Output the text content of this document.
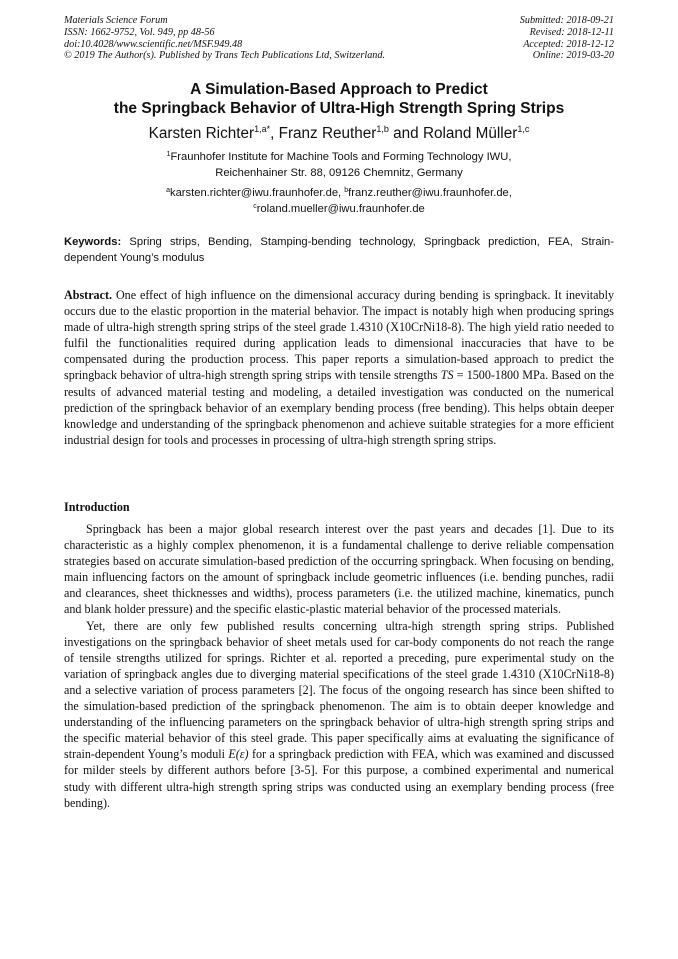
Materials Science Forum
ISSN: 1662-9752, Vol. 949, pp 48-56
doi:10.4028/www.scientific.net/MSF.949.48
© 2019 The Author(s). Published by Trans Tech Publications Ltd, Switzerland.
Submitted: 2018-09-21
Revised: 2018-12-11
Accepted: 2018-12-12
Online: 2019-03-20
A Simulation-Based Approach to Predict
the Springback Behavior of Ultra-High Strength Spring Strips
Karsten Richter$^{1,a*}$, Franz Reuther$^{1,b}$ and Roland Müller$^{1,c}$
$^1$Fraunhofer Institute for Machine Tools and Forming Technology IWU,
Reichenhainer Str. 88, 09126 Chemnitz, Germany
$^a$karsten.richter@iwu.fraunhofer.de, $^b$franz.reuther@iwu.fraunhofer.de,
$^c$roland.mueller@iwu.fraunhofer.de
Keywords: Spring strips, Bending, Stamping-bending technology, Springback prediction, FEA, Strain-dependent Young’s modulus

Abstract. One effect of high influence on the dimensional accuracy during bending is springback. It inevitably occurs due to the elastic proportion in the material behavior. The impact is notably high when producing springs made of ultra-high strength spring strips of the steel grade 1.4310 (X10CrNi18-8). The high yield ratio needed to fulfil the functionalities required during application leads to dimensional inaccuracies that have to be compensated during the production process. This paper reports a simulation-based approach to predict the springback behavior of ultra-high strength spring strips with tensile strengths TS = 1500-1800 MPa. Based on the results of advanced material testing and modeling, a detailed investigation was conducted on the numerical prediction of the springback behavior of an exemplary bending process (free bending). This helps obtain deeper knowledge and understanding of the springback phenomenon and achieve suitable strategies for a more efficient industrial design for tools and processes in processing of ultra-high strength spring strips.

Introduction

Springback has been a major global research interest over the past years and decades [1]. Due to its characteristic as a highly complex phenomenon, it is a fundamental challenge to derive reliable compensation strategies based on accurate simulation-based prediction of the occurring springback. When focusing on bending, main influencing factors on the amount of springback include geometric influences (i.e. bending punches, radii and clearances, sheet thicknesses and widths), process parameters (i.e. the utilized machine, kinematics, punch and blank holder pressure) and the specific elastic-plastic material behavior of the processed materials.

Yet, there are only few published results concerning ultra-high strength spring strips. Published investigations on the springback behavior of sheet metals used for car-body components do not reach the range of tensile strengths utilized for springs. Richter et al. reported a preceding, pure experimental study on the variation of springback angles due to diverging material specifications of the steel grade 1.4310 (X10CrNi18-8) and a selective variation of process parameters [2]. The focus of the ongoing research has since been shifted to the simulation-based prediction of the springback phenomenon. The aim is to obtain deeper knowledge and understanding of the influencing parameters on the springback behavior of ultra-high strength spring strips and the specific material behavior of this steel grade. This paper specifically aims at evaluating the significance of strain-dependent Young’s moduli E(ε) for a springback prediction with FEA, which was examined and discussed for milder steels by different authors before [3-5]. For this purpose, a combined experimental and numerical study with different ultra-high strength spring strips was conducted using an exemplary bending process (free bending).
